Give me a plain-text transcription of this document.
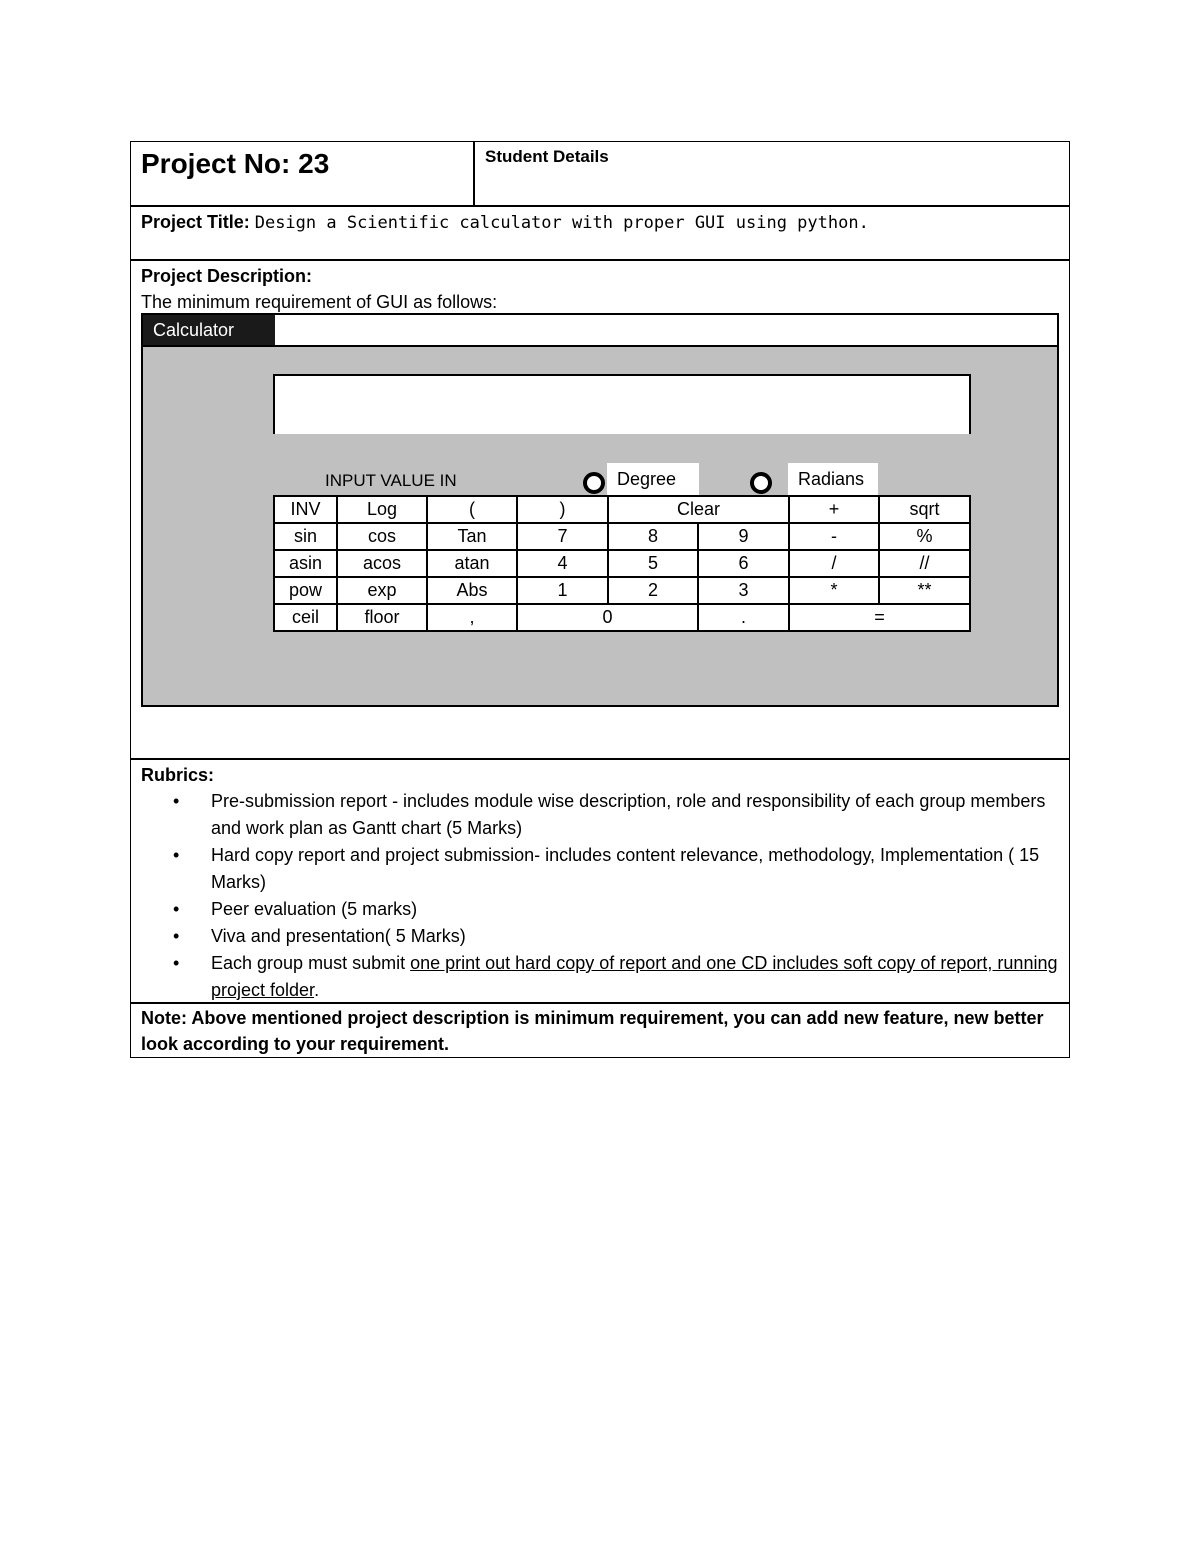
Project No: 23	Student Details
Project Title: Design a Scientific calculator with proper GUI using python.
Project Description:
The minimum requirement of GUI as follows:
Calculator
INPUT VALUE IN	Degree	Radians
INV	Log	(	)	Clear		+	sqrt
sin	cos	Tan	7	8	9	-	%
asin	acos	atan	4	5	6	/	//
pow	exp	Abs	1	2	3	*	**
ceil	floor	,	0		.	=	
Rubrics:
• Pre-submission report - includes module wise description, role and responsibility of each group members and work plan as Gantt chart (5 Marks)
• Hard copy report and project submission- includes content relevance, methodology, Implementation ( 15 Marks)
• Peer evaluation (5 marks)
• Viva and presentation( 5 Marks)
• Each group must submit one print out hard copy of report and one CD includes soft copy of report, running project folder.
Note: Above mentioned project description is minimum requirement, you can add new feature, new better look according to your requirement.
